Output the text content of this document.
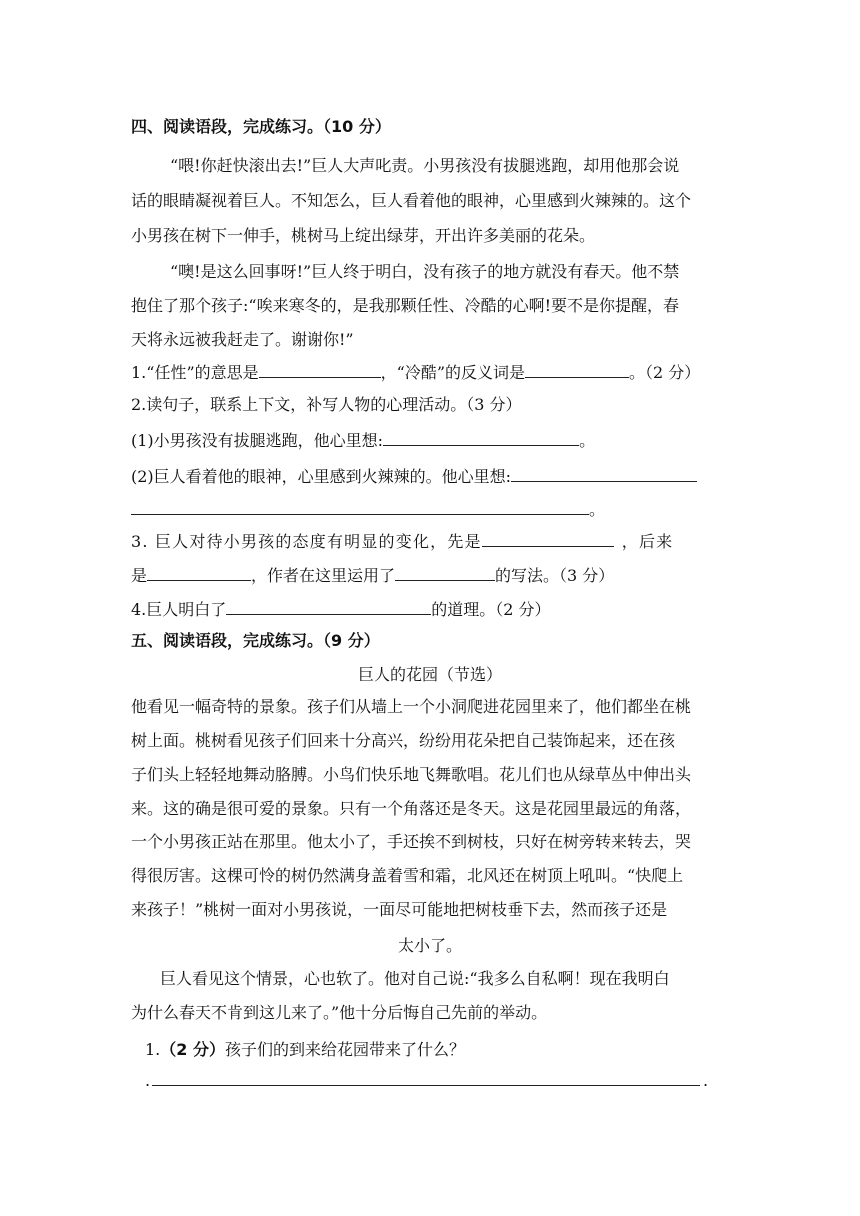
四、阅读语段，完成练习。（10 分）
“喂!你赶快滚出去!”巨人大声叱责。小男孩没有拔腿逃跑，却用他那会说
话的眼睛凝视着巨人。不知怎么，巨人看着他的眼神，心里感到火辣辣的。这个
小男孩在树下一伸手，桃树马上绽出绿芽，开出许多美丽的花朵。
“噢!是这么回事呀!”巨人终于明白，没有孩子的地方就没有春天。他不禁
抱住了那个孩子:“唉来寒冬的，是我那颗任性、冷酷的心啊!要不是你提醒，春
天将永远被我赶走了。谢谢你!”
1.“任性”的意思是	，“冷酷”的反义词是	。（2 分）
2.读句子，联系上下文，补写人物的心理活动。（3 分）
(1)小男孩没有拔腿逃跑，他心里想:	。
(2)巨人看着他的眼神，心里感到火辣辣的。他心里想:
。
3. 巨人对待小男孩的态度有明显的变化，先是	，后来
是	，作者在这里运用了	的写法。（3 分）
4.巨人明白了	的道理。（2 分）
五、阅读语段，完成练习。（9 分）
巨人的花园（节选）
他看见一幅奇特的景象。孩子们从墙上一个小洞爬进花园里来了，他们都坐在桃
树上面。桃树看见孩子们回来十分高兴，纷纷用花朵把自己装饰起来，还在孩
子们头上轻轻地舞动胳膊。小鸟们快乐地飞舞歌唱。花儿们也从绿草丛中伸出头
来。这的确是很可爱的景象。只有一个角落还是冬天。这是花园里最远的角落，
一个小男孩正站在那里。他太小了，手还挨不到树枝，只好在树旁转来转去，哭
得很厉害。这棵可怜的树仍然满身盖着雪和霜，北风还在树顶上吼叫。“快爬上
来孩子！”桃树一面对小男孩说，一面尽可能地把树枝垂下去，然而孩子还是
太小了。
巨人看见这个情景，心也软了。他对自己说:“我多么自私啊！现在我明白
为什么春天不肯到这儿来了。”他十分后悔自己先前的举动。
1.（2 分）孩子们的到来给花园带来了什么？
.	.
